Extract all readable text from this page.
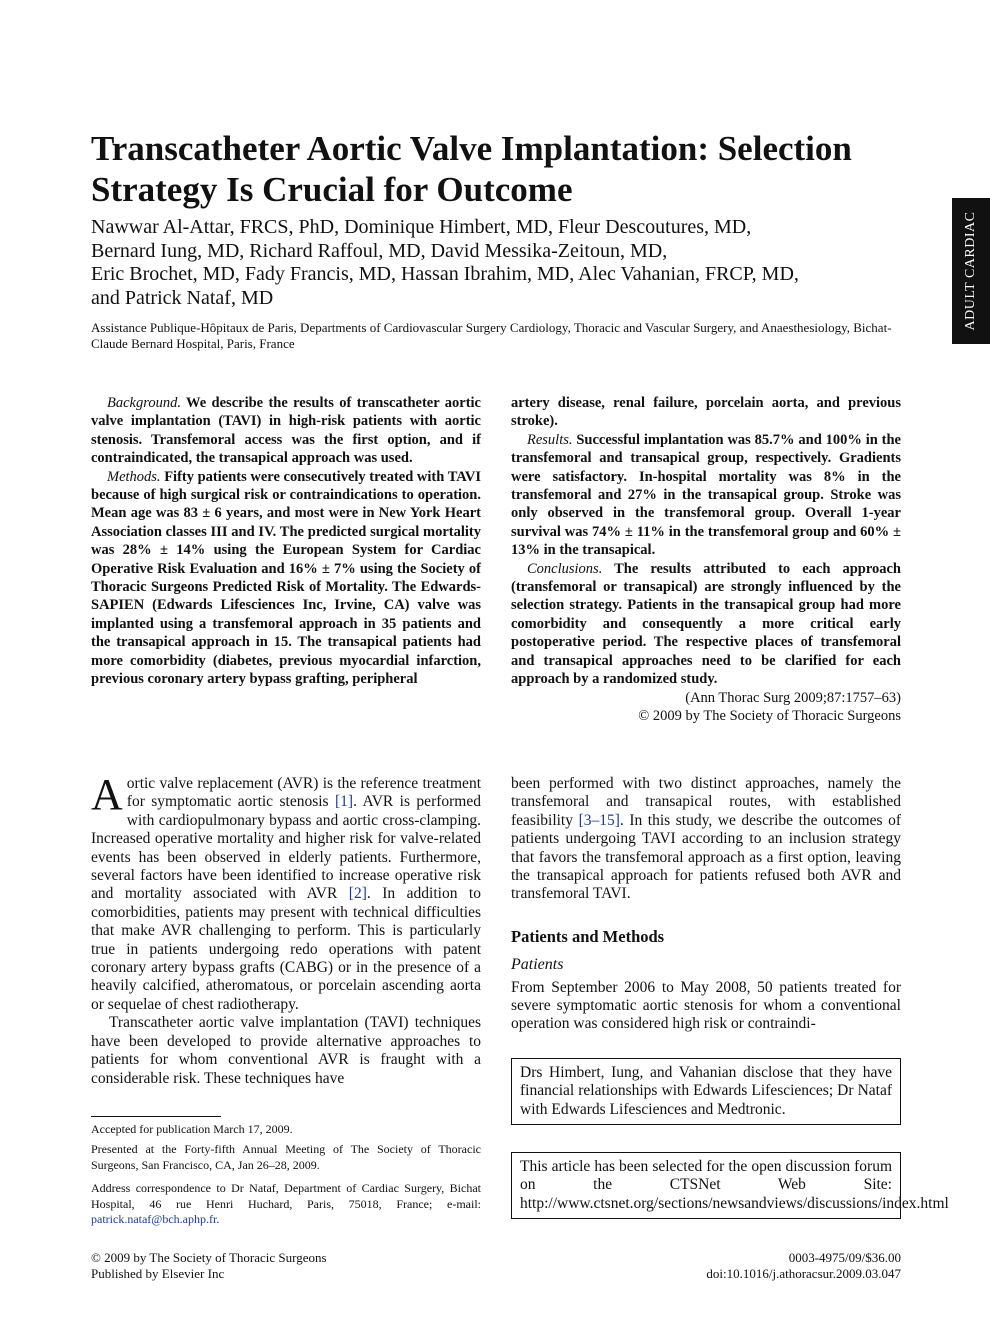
Transcatheter Aortic Valve Implantation: Selection Strategy Is Crucial for Outcome
Nawwar Al-Attar, FRCS, PhD, Dominique Himbert, MD, Fleur Descoutures, MD,
Bernard Iung, MD, Richard Raffoul, MD, David Messika-Zeitoun, MD,
Eric Brochet, MD, Fady Francis, MD, Hassan Ibrahim, MD, Alec Vahanian, FRCP, MD,
and Patrick Nataf, MD
Assistance Publique-Hôpitaux de Paris, Departments of Cardiovascular Surgery Cardiology, Thoracic and Vascular Surgery, and Anaesthesiology, Bichat-Claude Bernard Hospital, Paris, France
ADULT CARDIAC

Background. We describe the results of transcatheter aortic valve implantation (TAVI) in high-risk patients with aortic stenosis. Transfemoral access was the first option, and if contraindicated, the transapical approach was used.

Methods. Fifty patients were consecutively treated with TAVI because of high surgical risk or contraindications to operation. Mean age was 83 ± 6 years, and most were in New York Heart Association classes III and IV. The predicted surgical mortality was 28% ± 14% using the European System for Cardiac Operative Risk Evaluation and 16% ± 7% using the Society of Thoracic Surgeons Predicted Risk of Mortality. The Edwards-SAPIEN (Edwards Lifesciences Inc, Irvine, CA) valve was implanted using a transfemoral approach in 35 patients and the transapical approach in 15. The transapical patients had more comorbidity (diabetes, previous myocardial infarction, previous coronary artery bypass grafting, peripheral

artery disease, renal failure, porcelain aorta, and previous stroke).

Results. Successful implantation was 85.7% and 100% in the transfemoral and transapical group, respectively. Gradients were satisfactory. In-hospital mortality was 8% in the transfemoral and 27% in the transapical group. Stroke was only observed in the transfemoral group. Overall 1-year survival was 74% ± 11% in the transfemoral group and 60% ± 13% in the transapical.

Conclusions. The results attributed to each approach (transfemoral or transapical) are strongly influenced by the selection strategy. Patients in the transapical group had more comorbidity and consequently a more critical early postoperative period. The respective places of transfemoral and transapical approaches need to be clarified for each approach by a randomized study.

(Ann Thorac Surg 2009;87:1757–63)

© 2009 by The Society of Thoracic Surgeons

Aortic valve replacement (AVR) is the reference treatment for symptomatic aortic stenosis [1]. AVR is performed with cardiopulmonary bypass and aortic cross-clamping. Increased operative mortality and higher risk for valve-related events has been observed in elderly patients. Furthermore, several factors have been identified to increase operative risk and mortality associated with AVR [2]. In addition to comorbidities, patients may present with technical difficulties that make AVR challenging to perform. This is particularly true in patients undergoing redo operations with patent coronary artery bypass grafts (CABG) or in the presence of a heavily calcified, atheromatous, or porcelain ascending aorta or sequelae of chest radiotherapy.

Transcatheter aortic valve implantation (TAVI) techniques have been developed to provide alternative approaches to patients for whom conventional AVR is fraught with a considerable risk. These techniques have

been performed with two distinct approaches, namely the transfemoral and transapical routes, with established feasibility [3–15]. In this study, we describe the outcomes of patients undergoing TAVI according to an inclusion strategy that favors the transfemoral approach as a first option, leaving the transapical approach for patients refused both AVR and transfemoral TAVI.

Patients and Methods
Patients

From September 2006 to May 2008, 50 patients treated for severe symptomatic aortic stenosis for whom a conventional operation was considered high risk or contraindi-

Drs Himbert, Iung, and Vahanian disclose that they have financial relationships with Edwards Lifesciences; Dr Nataf with Edwards Lifesciences and Medtronic.
This article has been selected for the open discussion forum on the CTSNet Web Site: http://www.ctsnet.org/sections/newsandviews/discussions/index.html
Accepted for publication March 17, 2009.
Presented at the Forty-fifth Annual Meeting of The Society of Thoracic Surgeons, San Francisco, CA, Jan 26–28, 2009.
Address correspondence to Dr Nataf, Department of Cardiac Surgery, Bichat Hospital, 46 rue Henri Huchard, Paris, 75018, France; e-mail: patrick.nataf@bch.aphp.fr.
© 2009 by The Society of Thoracic Surgeons
Published by Elsevier Inc
0003-4975/09/$36.00
doi:10.1016/j.athoracsur.2009.03.047
